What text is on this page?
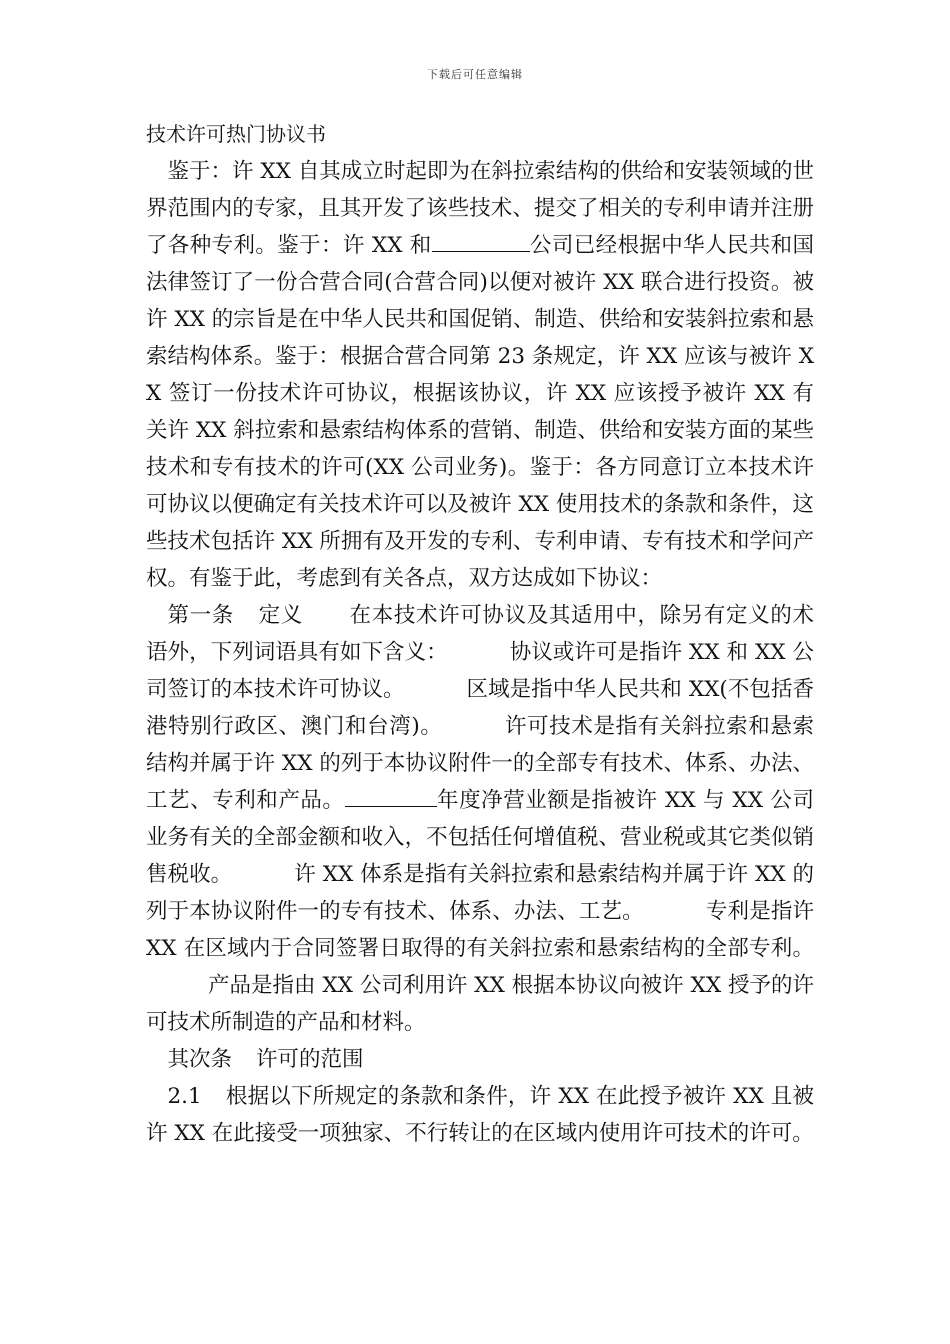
下载后可任意编辑

技术许可热门协议书

鉴于：许 XX 自其成立时起即为在斜拉索结构的供给和安装领域的世界范围内的专家，且其开发了该些技术、提交了相关的专利申请并注册了各种专利。鉴于：许 XX 和	公司已经根据中华人民共和国法律签订了一份合营合同(合营合同)以便对被许 XX 联合进行投资。被许 XX 的宗旨是在中华人民共和国促销、制造、供给和安装斜拉索和悬索结构体系。鉴于：根据合营合同第 23 条规定，许 XX 应该与被许 XX 签订一份技术许可协议，根据该协议，许 XX 应该授予被许 XX 有关许 XX 斜拉索和悬索结构体系的营销、制造、供给和安装方面的某些技术和专有技术的许可(XX 公司业务)。鉴于：各方同意订立本技术许可协议以便确定有关技术许可以及被许 XX 使用技术的条款和条件，这些技术包括许 XX 所拥有及开发的专利、专利申请、专有技术和学问产权。有鉴于此，考虑到有关各点，双方达成如下协议：

第一条 定义 在本技术许可协议及其适用中，除另有定义的术语外，下列词语具有如下含义：	协议或许可是指许 XX 和 XX 公司签订的本技术许可协议。	区域是指中华人民共和 XX(不包括香港特别行政区、澳门和台湾)。	许可技术是指有关斜拉索和悬索结构并属于许 XX 的列于本协议附件一的全部专有技术、体系、办法、工艺、专利和产品。	年度净营业额是指被许 XX 与 XX 公司业务有关的全部金额和收入，不包括任何增值税、营业税或其它类似销售税收。	许 XX 体系是指有关斜拉索和悬索结构并属于许 XX 的列于本协议附件一的专有技术、体系、办法、工艺。	专利是指许 XX 在区域内于合同签署日取得的有关斜拉索和悬索结构的全部专利。产品是指由 XX 公司利用许 XX 根据本协议向被许 XX 授予的许可技术所制造的产品和材料。

其次条 许可的范围

2.1 根据以下所规定的条款和条件，许 XX 在此授予被许 XX 且被许 XX 在此接受一项独家、不行转让的在区域内使用许可技术的许可。
